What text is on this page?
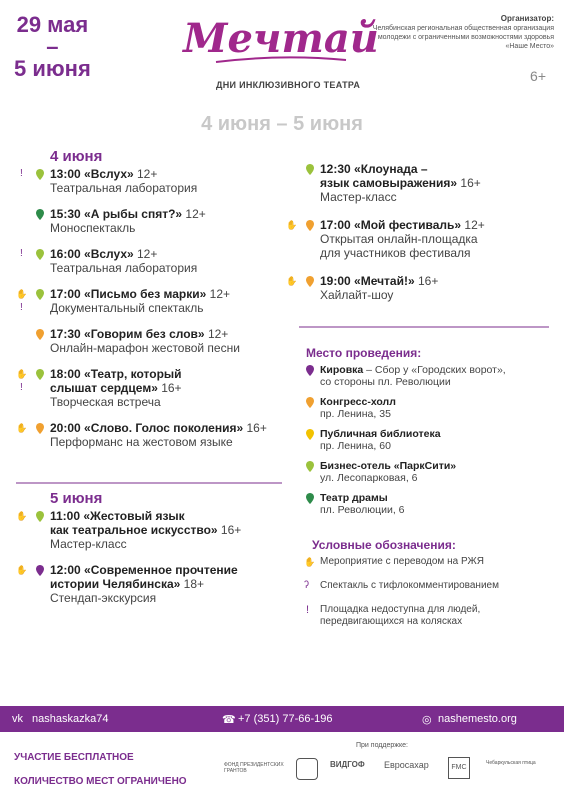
29 мая
–
5 июня
Мечтай
ДНИ ИНКЛЮЗИВНОГО ТЕАТРА
Организатор:
Челябинская региональная общественная организация молодежи с ограниченными возможностями здоровья «Наше Место»
6+
4 июня – 5 июня
4 июня
! 13:00 «Вслух» 12+
Театральная лаборатория
15:30 «А рыбы спят?» 12+
Моноспектакль
! 16:00 «Вслух» 12+
Театральная лаборатория
✋
!
17:00 «Письмо без марки» 12+
Документальный спектакль
17:30 «Говорим без слов» 12+
Онлайн-марафон жестовой песни
✋
!
18:00 «Театр, который
слышат сердцем» 16+
Творческая встреча
✋ 20:00 «Слово. Голос поколения» 16+
Перформанс на жестовом языке
5 июня
✋ 11:00 «Жестовый язык
как театральное искусство» 16+
Мастер-класс
✋ 12:00 «Современное прочтение
истории Челябинска» 18+
Стендап-экскурсия
12:30 «Клоунада –
язык самовыражения» 16+
Мастер-класс
✋ 17:00 «Мой фестиваль» 12+
Открытая онлайн-площадка
для участников фестиваля
✋ 19:00 «Мечтай!» 16+
Хайлайт-шоу
Место проведения:
Кировка – Сбор у «Городских ворот»,
со стороны пл. Революции
Конгресс-холл
пр. Ленина, 35
Публичная библиотека
пр. Ленина, 60
Бизнес-отель «ПаркСити»
ул. Лесопарковая, 6
Театр драмы
пл. Революции, 6
Условные обозначения:
✋ Мероприятие с переводом на РЖЯ
ʔ Спектакль с тифлокомментированием
! Площадка недоступна для людей,
передвигающихся на колясках
vk nashaskazka74	☎ +7 (351) 77-66-196	◎ nashemesto.org
УЧАСТИЕ БЕСПЛАТНОЕ
КОЛИЧЕСТВО МЕСТ ОГРАНИЧЕНО
При поддержке:
ФОНД ПРЕЗИДЕНТСКИХ ГРАНТОВ
ВИДГОФ Евросахар	FMC
Чебаркульская птица
